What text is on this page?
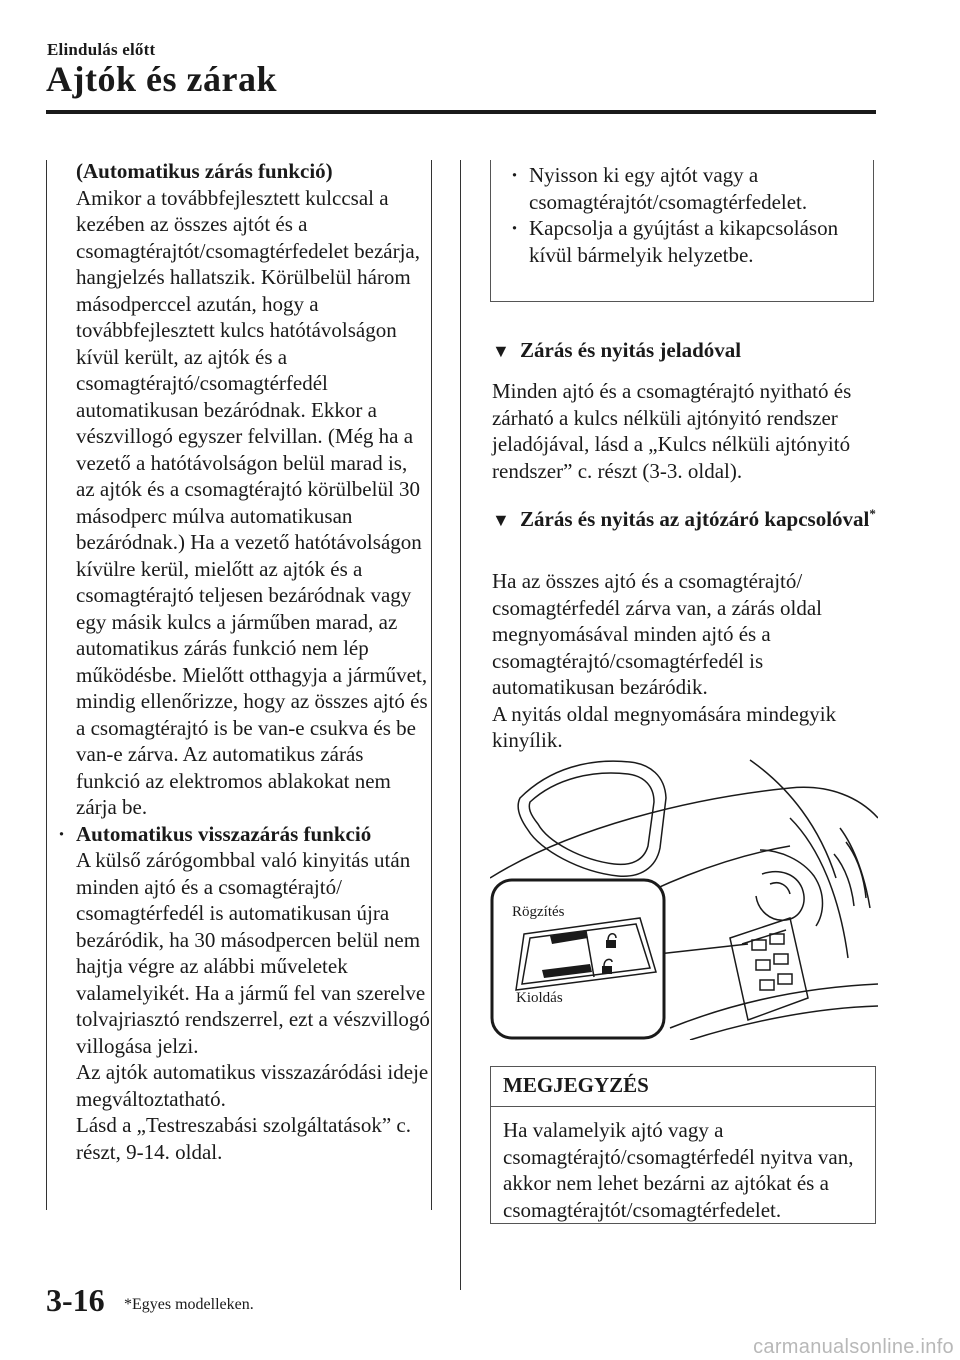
Elindulás előtt
Ajtók és zárak

(Automatikus zárás funkció)

Amikor a továbbfejlesztett kulccsal a kezében az összes ajtót és a csomagtérajtót/csomagtérfedelet bezárja, hangjelzés hallatszik. Körülbelül három másodperccel azután, hogy a továbbfejlesztett kulcs hatótávolságon kívül került, az ajtók és a csomagtérajtó/csomagtérfedél automatikusan bezáródnak. Ekkor a vészvillogó egyszer felvillan. (Még ha a vezető a hatótávolságon belül marad is, az ajtók és a csomagtérajtó körülbelül 30 másodperc múlva automatikusan bezáródnak.) Ha a vezető hatótávolságon kívülre kerül, mielőtt az ajtók és a csomagtérajtó teljesen bezáródnak vagy egy másik kulcs a járműben marad, az automatikus zárás funkció nem lép működésbe. Mielőtt otthagyja a járművet, mindig ellenőrizze, hogy az összes ajtó és a csomagtérajtó is be van-e csukva és be van-e zárva. Az automatikus zárás funkció az elektromos ablakokat nem zárja be.

· Automatikus visszazárás funkció

A külső zárógombbal való kinyitás után minden ajtó és a csomagtérajtó/ csomagtérfedél is automatikusan újra bezáródik, ha 30 másodpercen belül nem hajtja végre az alábbi műveletek valamelyikét. Ha a jármű fel van szerelve tolvajriasztó rendszerrel, ezt a vészvillogó villogása jelzi.

Az ajtók automatikus visszazáródási ideje megváltoztatható.

Lásd a „Testreszabási szolgáltatások” c. részt, 9-14. oldal.

· Nyisson ki egy ajtót vagy a csomagtérajtót/csomagtérfedelet.

· Kapcsolja a gyújtást a kikapcsoláson kívül bármelyik helyzetbe.

▼ Zárás és nyitás jeladóval

Minden ajtó és a csomagtérajtó nyitható és zárható a kulcs nélküli ajtónyitó rendszer jeladójával, lásd a „Kulcs nélküli ajtónyitó rendszer” c. részt (3-3. oldal).

▼ Zárás és nyitás az ajtózáró kapcsolóval*

Ha az összes ajtó és a csomagtérajtó/ csomagtérfedél zárva van, a zárás oldal megnyomásával minden ajtó és a csomagtérajtó/csomagtérfedél is automatikusan bezáródik.

A nyitás oldal megnyomására mindegyik kinyílik.

Rögzítés
Kioldás
MEGJEGYZÉS
Ha valamelyik ajtó vagy a csomagtérajtó/csomagtérfedél nyitva van, akkor nem lehet bezárni az ajtókat és a csomagtérajtót/csomagtérfedelet.
3-16 *Egyes modelleken.
carmanualsonline.info
